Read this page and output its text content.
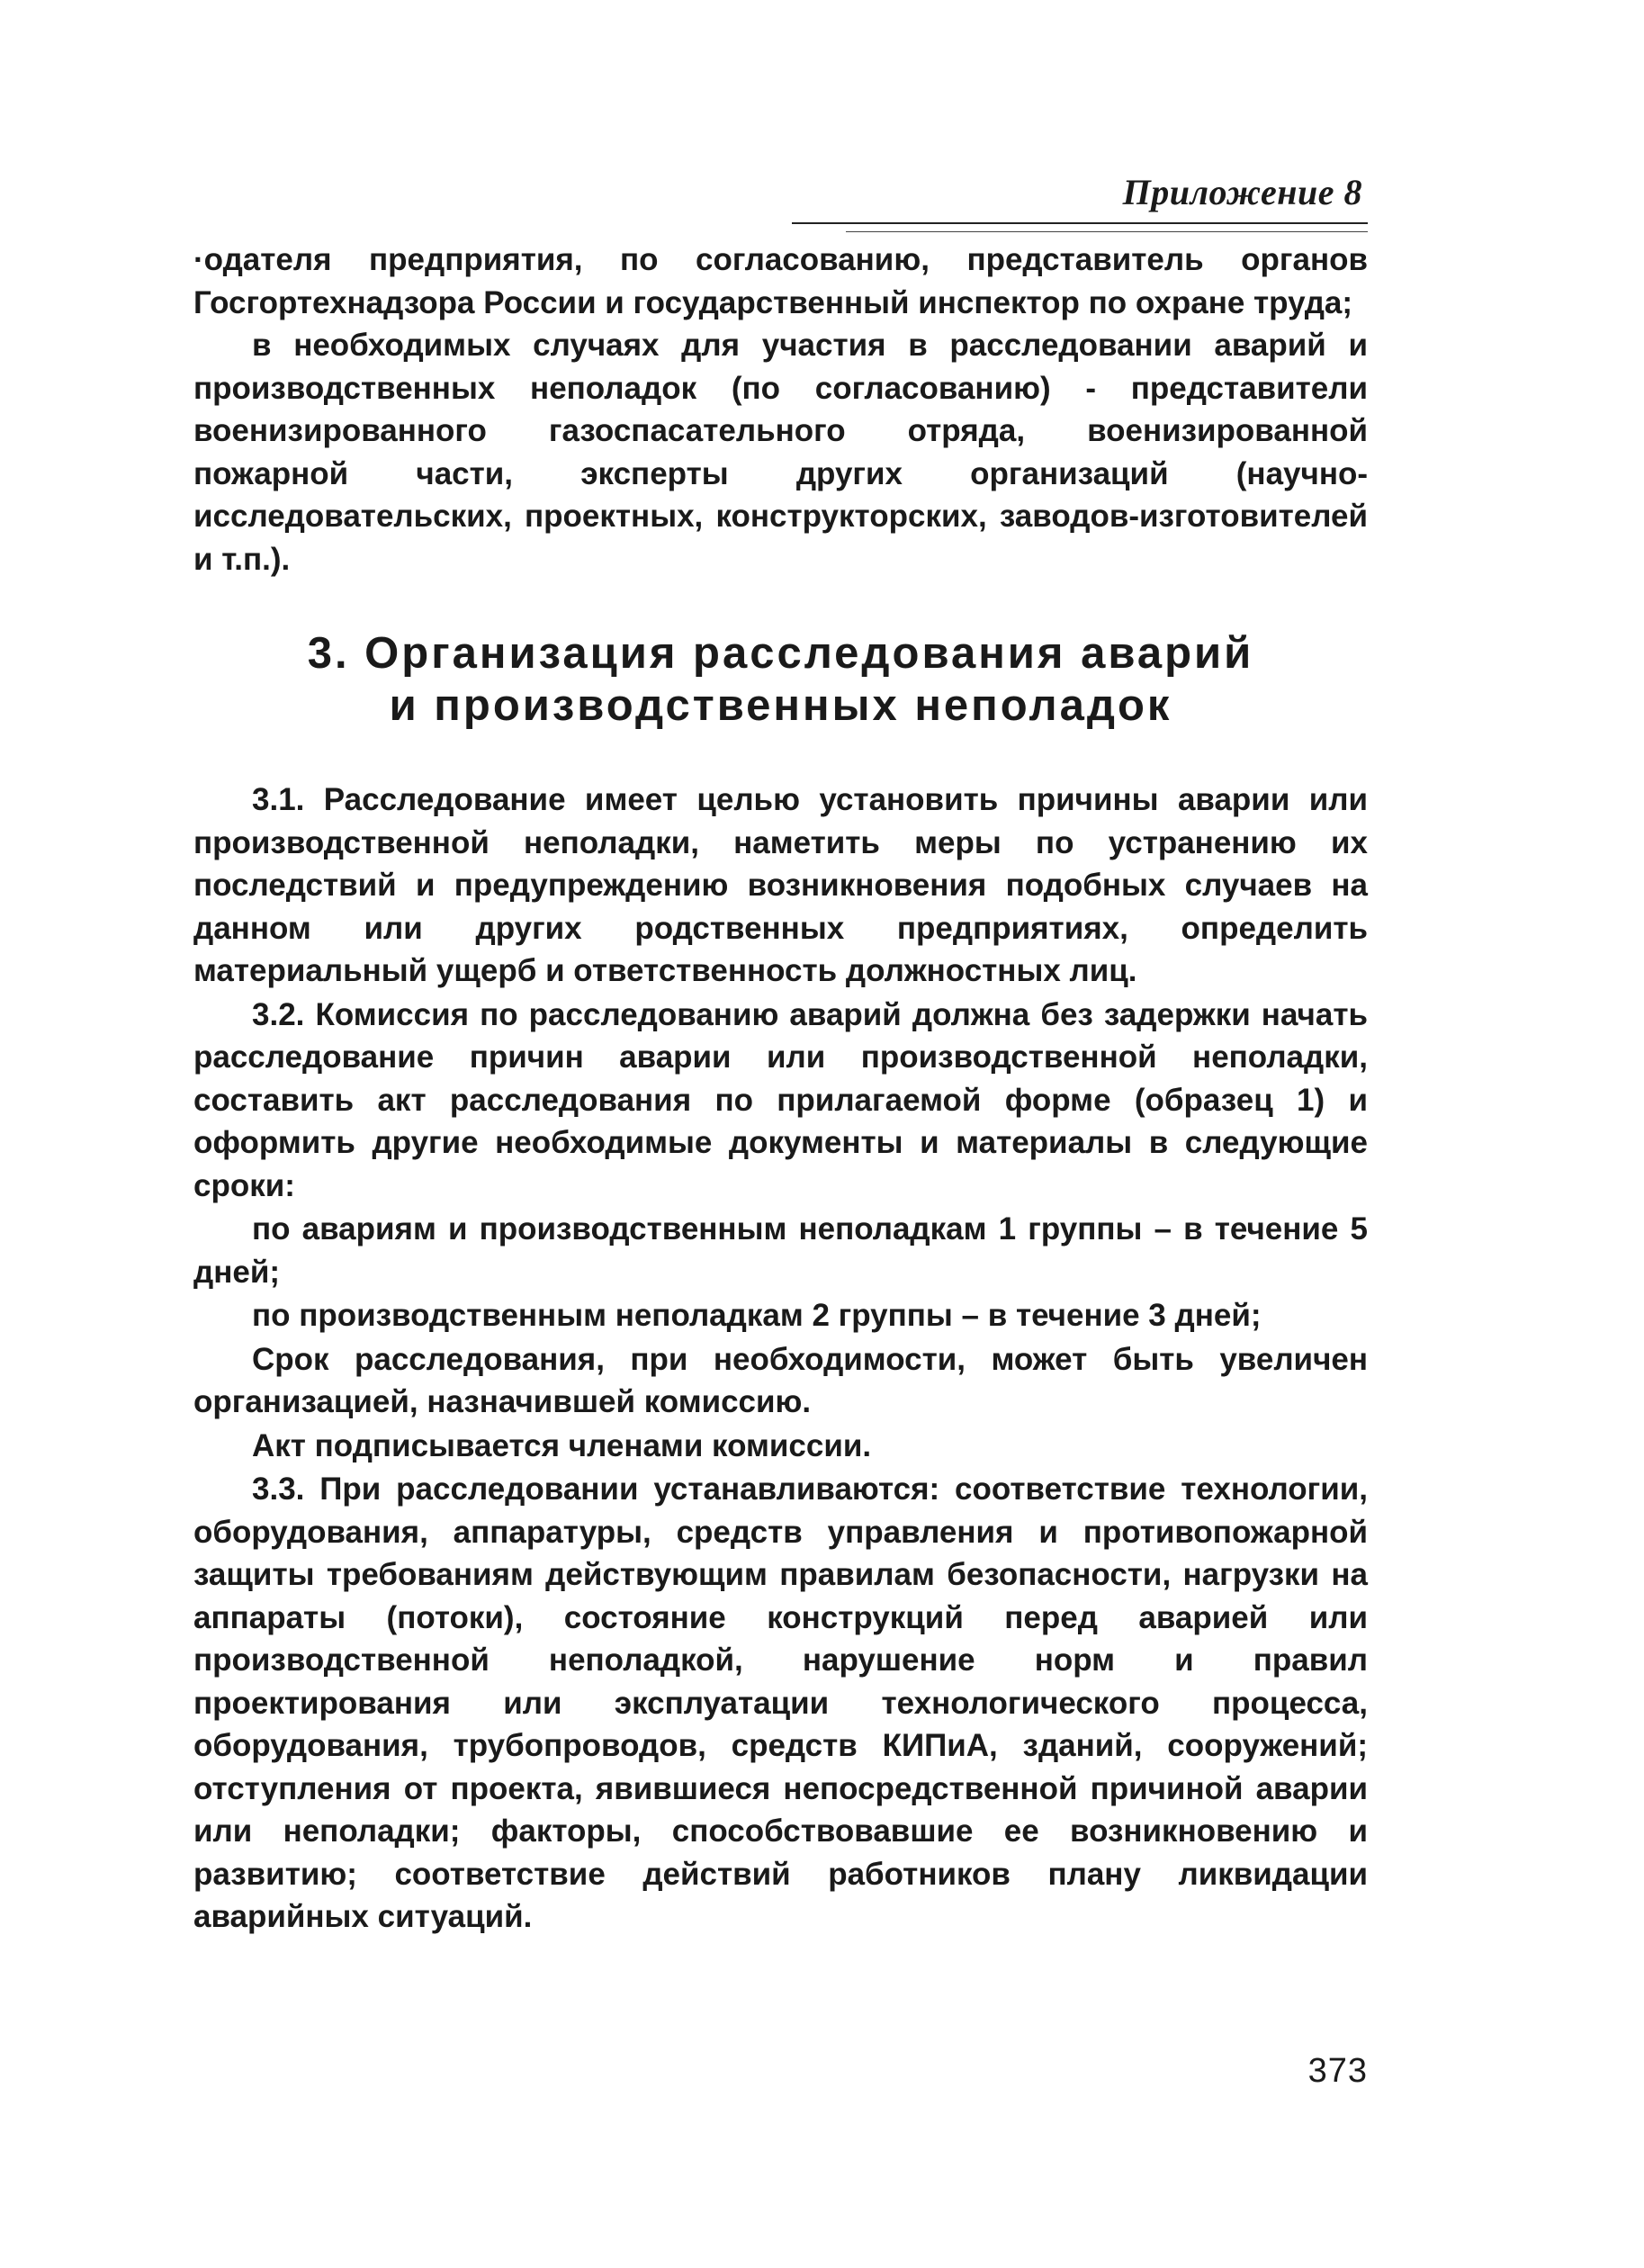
Приложение 8

·одателя предприятия, по согласованию, представитель органов Госгортехнадзора России и государственный инспектор по охране труда;

в необходимых случаях для участия в расследовании аварий и производственных неполадок (по согласованию) - представители военизированного газоспасательного отряда, военизированной пожарной части, эксперты других организаций (научно-исследовательских, проектных, конструкторских, заводов-изготовителей и т.п.).

3. Организация расследования аварий
и производственных неполадок

3.1. Расследование имеет целью установить причины аварии или производственной неполадки, наметить меры по устранению их последствий и предупреждению возникновения подобных случаев на данном или других родственных предприятиях, определить материальный ущерб и ответственность должностных лиц.

3.2. Комиссия по расследованию аварий должна без задержки начать расследование причин аварии или производственной неполадки, составить акт расследования по прилагаемой форме (образец 1) и оформить другие необходимые документы и материалы в следующие сроки:

по авариям и производственным неполадкам 1 группы – в течение 5 дней;

по производственным неполадкам 2 группы – в течение 3 дней;

Срок расследования, при необходимости, может быть увеличен организацией, назначившей комиссию.

Акт подписывается членами комиссии.

3.3. При расследовании устанавливаются: соответствие технологии, оборудования, аппаратуры, средств управления и противопожарной защиты требованиям действующим правилам безопасности, нагрузки на аппараты (потоки), состояние конструкций перед аварией или производственной неполадкой, нарушение норм и правил проектирования или эксплуатации технологического процесса, оборудования, трубопроводов, средств КИПиА, зданий, сооружений; отступления от проекта, явившиеся непосредственной причиной аварии или неполадки; факторы, способствовавшие ее возникновению и развитию; соответствие действий работников плану ликвидации аварийных ситуаций.

373
